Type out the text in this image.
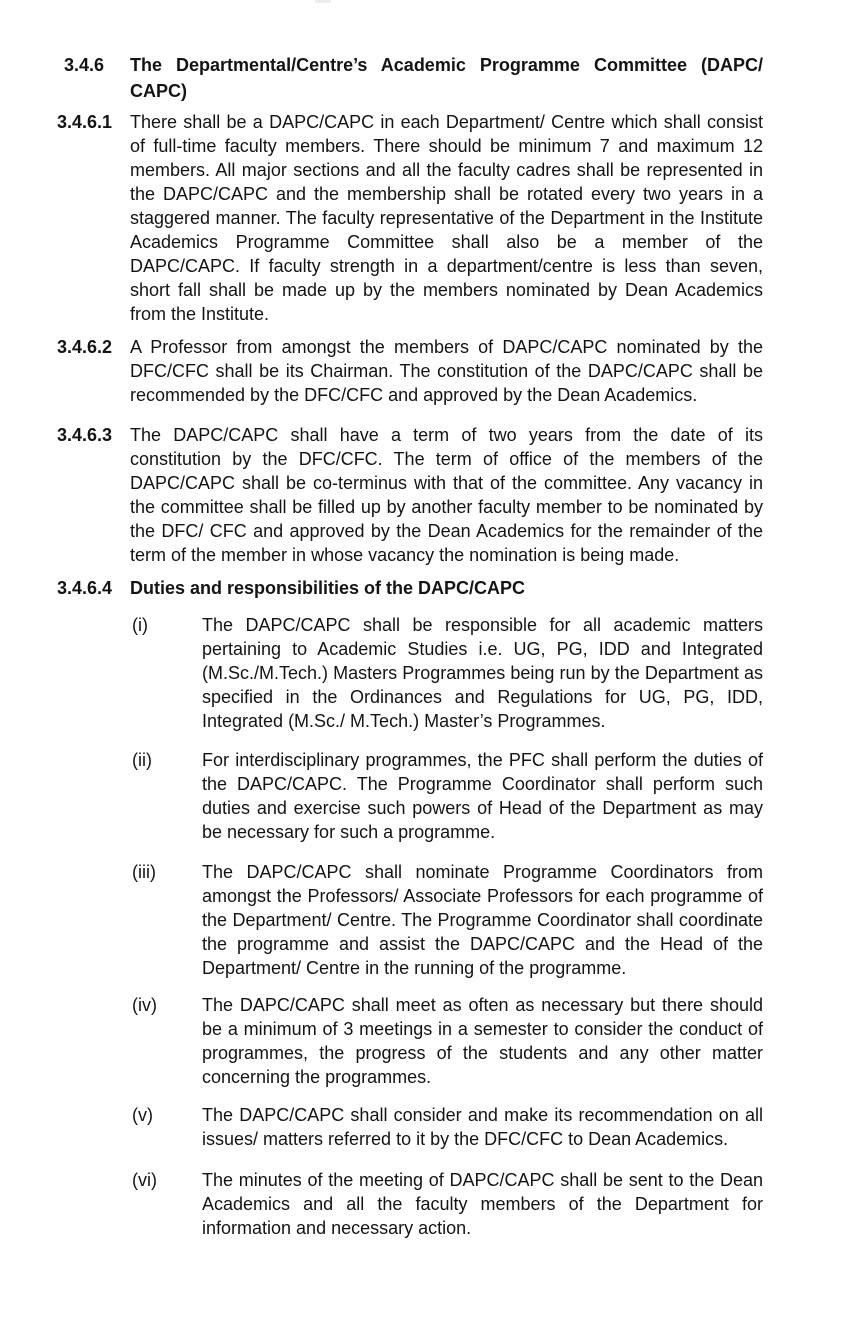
3.4.6	The Departmental/Centre’s Academic Programme Committee (DAPC/ CAPC)
3.4.6.1 There shall be a DAPC/CAPC in each Department/ Centre which shall consist of full-time faculty members. There should be minimum 7 and maximum 12 members. All major sections and all the faculty cadres shall be represented in the DAPC/CAPC and the membership shall be rotated every two years in a staggered manner. The faculty representative of the Department in the Institute Academics Programme Committee shall also be a member of the DAPC/CAPC. If faculty strength in a department/centre is less than seven, short fall shall be made up by the members nominated by Dean Academics from the Institute.
3.4.6.2 A Professor from amongst the members of DAPC/CAPC nominated by the DFC/CFC shall be its Chairman. The constitution of the DAPC/CAPC shall be recommended by the DFC/CFC and approved by the Dean Academics.
3.4.6.3 The DAPC/CAPC shall have a term of two years from the date of its constitution by the DFC/CFC. The term of office of the members of the DAPC/CAPC shall be co-terminus with that of the committee. Any vacancy in the committee shall be filled up by another faculty member to be nominated by the DFC/ CFC and approved by the Dean Academics for the remainder of the term of the member in whose vacancy the nomination is being made.
3.4.6.4 Duties and responsibilities of the DAPC/CAPC
(i)	The DAPC/CAPC shall be responsible for all academic matters pertaining to Academic Studies i.e. UG, PG, IDD and Integrated (M.Sc./M.Tech.) Masters Programmes being run by the Department as specified in the Ordinances and Regulations for UG, PG, IDD, Integrated (M.Sc./ M.Tech.) Master’s Programmes.
(ii)	For interdisciplinary programmes, the PFC shall perform the duties of the DAPC/CAPC. The Programme Coordinator shall perform such duties and exercise such powers of Head of the Department as may be necessary for such a programme.
(iii)	The DAPC/CAPC shall nominate Programme Coordinators from amongst the Professors/ Associate Professors for each programme of the Department/ Centre. The Programme Coordinator shall coordinate the programme and assist the DAPC/CAPC and the Head of the Department/ Centre in the running of the programme.
(iv)	The DAPC/CAPC shall meet as often as necessary but there should be a minimum of 3 meetings in a semester to consider the conduct of programmes, the progress of the students and any other matter concerning the programmes.
(v)	The DAPC/CAPC shall consider and make its recommendation on all issues/ matters referred to it by the DFC/CFC to Dean Academics.
(vi)	The minutes of the meeting of DAPC/CAPC shall be sent to the Dean Academics and all the faculty members of the Department for information and necessary action.
